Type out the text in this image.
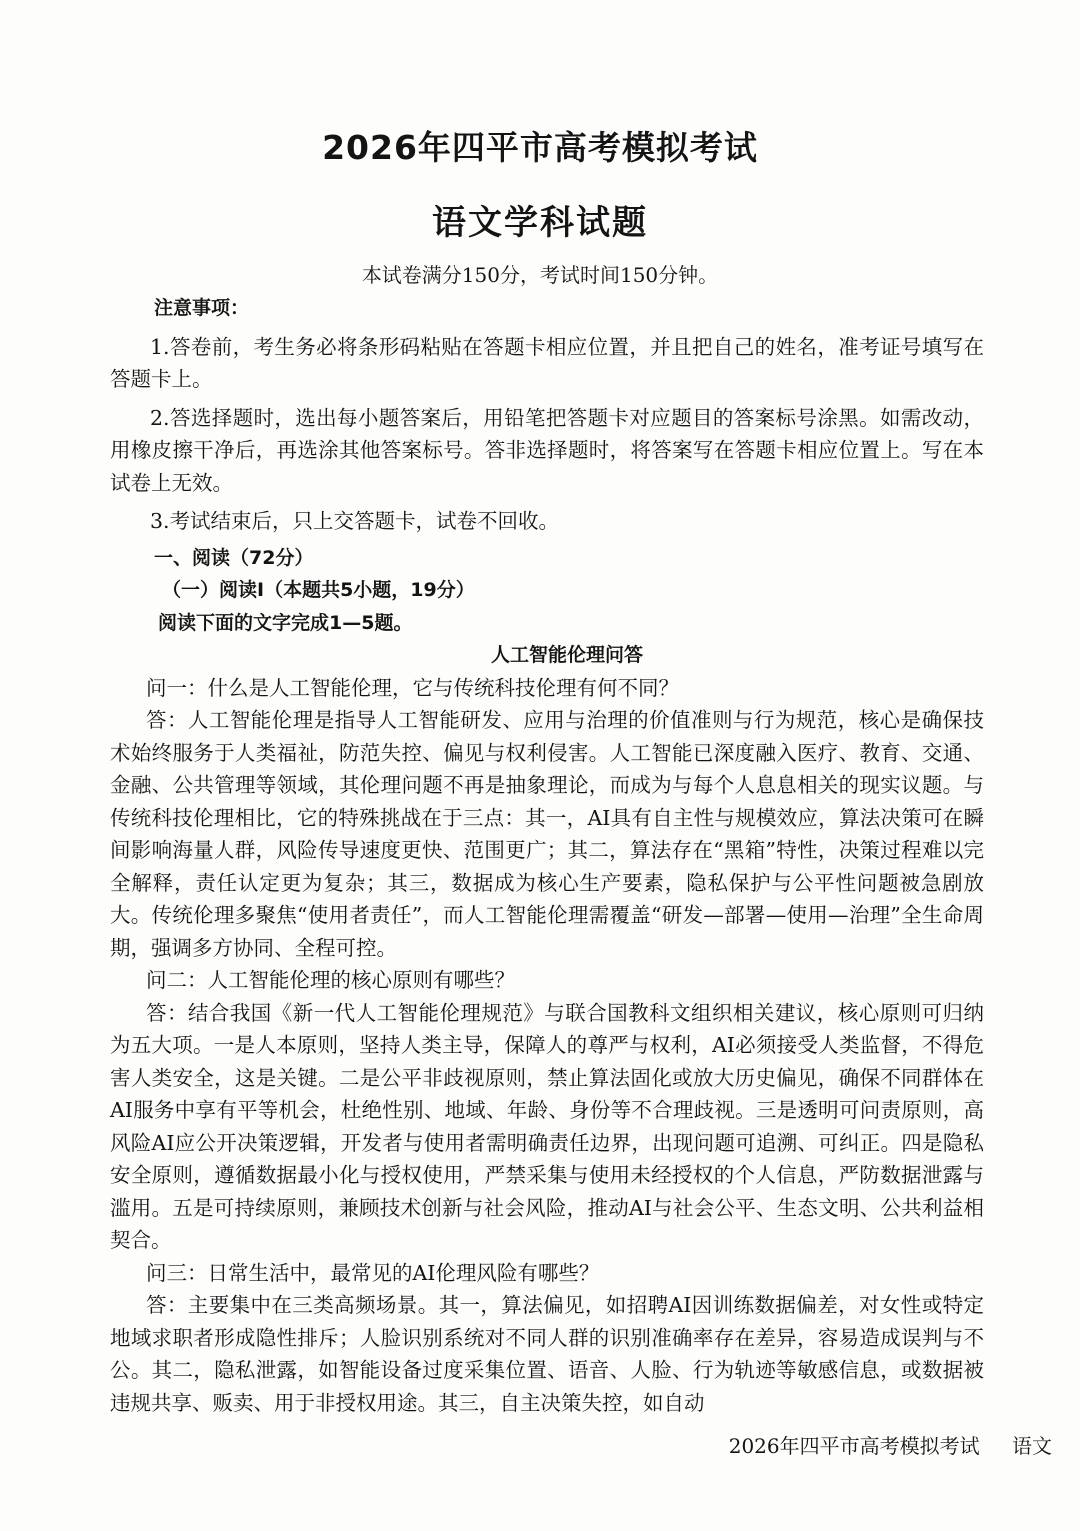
2026年四平市高考模拟考试
语文学科试题
本试卷满分150分，考试时间150分钟。

注意事项：

1.答卷前，考生务必将条形码粘贴在答题卡相应位置，并且把自己的姓名，准考证号填写在答题卡上。

2.答选择题时，选出每小题答案后，用铅笔把答题卡对应题目的答案标号涂黑。如需改动，用橡皮擦干净后，再选涂其他答案标号。答非选择题时，将答案写在答题卡相应位置上。写在本试卷上无效。

3.考试结束后，只上交答题卡，试卷不回收。

一、阅读（72分）

（一）阅读Ⅰ（本题共5小题，19分）

阅读下面的文字完成1—5题。

人工智能伦理问答

问一：什么是人工智能伦理，它与传统科技伦理有何不同？

答：人工智能伦理是指导人工智能研发、应用与治理的价值准则与行为规范，核心是确保技术始终服务于人类福祉，防范失控、偏见与权利侵害。人工智能已深度融入医疗、教育、交通、金融、公共管理等领域，其伦理问题不再是抽象理论，而成为与每个人息息相关的现实议题。与传统科技伦理相比，它的特殊挑战在于三点：其一，AI具有自主性与规模效应，算法决策可在瞬间影响海量人群，风险传导速度更快、范围更广；其二，算法存在“黑箱”特性，决策过程难以完全解释，责任认定更为复杂；其三，数据成为核心生产要素，隐私保护与公平性问题被急剧放大。传统伦理多聚焦“使用者责任”，而人工智能伦理需覆盖“研发—部署—使用—治理”全生命周期，强调多方协同、全程可控。

问二：人工智能伦理的核心原则有哪些？

答：结合我国《新一代人工智能伦理规范》与联合国教科文组织相关建议，核心原则可归纳为五大项。一是人本原则，坚持人类主导，保障人的尊严与权利，AI必须接受人类监督，不得危害人类安全，这是关键。二是公平非歧视原则，禁止算法固化或放大历史偏见，确保不同群体在AI服务中享有平等机会，杜绝性别、地域、年龄、身份等不合理歧视。三是透明可问责原则，高风险AI应公开决策逻辑，开发者与使用者需明确责任边界，出现问题可追溯、可纠正。四是隐私安全原则，遵循数据最小化与授权使用，严禁采集与使用未经授权的个人信息，严防数据泄露与滥用。五是可持续原则，兼顾技术创新与社会风险，推动AI与社会公平、生态文明、公共利益相契合。

问三：日常生活中，最常见的AI伦理风险有哪些？

答：主要集中在三类高频场景。其一，算法偏见，如招聘AI因训练数据偏差，对女性或特定地域求职者形成隐性排斥；人脸识别系统对不同人群的识别准确率存在差异，容易造成误判与不公。其二，隐私泄露，如智能设备过度采集位置、语音、人脸、行为轨迹等敏感信息，或数据被违规共享、贩卖、用于非授权用途。其三，自主决策失控，如自动

2026年四平市高考模拟考试 语文
